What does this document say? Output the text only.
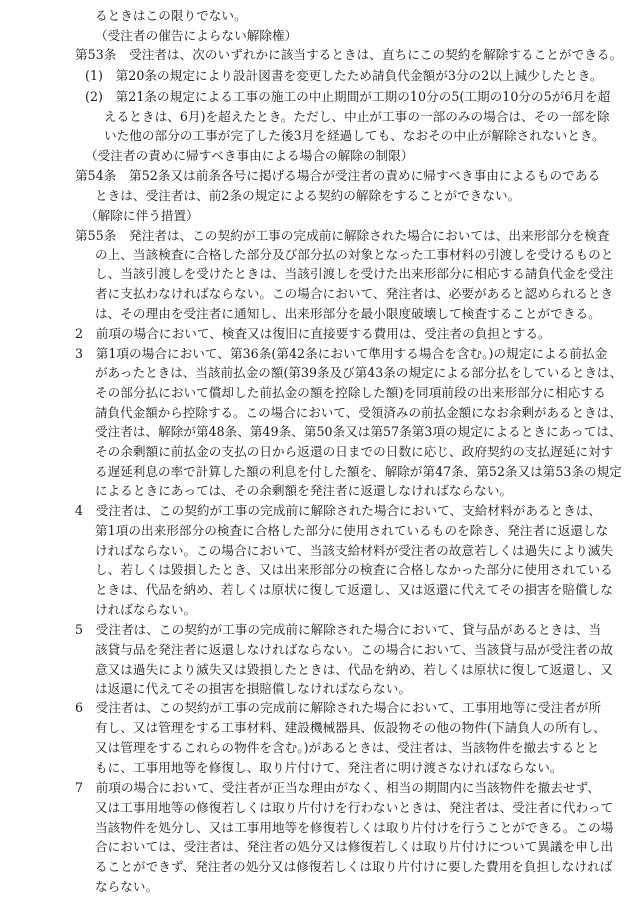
るときはこの限りでない。
（受注者の催告によらない解除権）
第53条　受注者は、次のいずれかに該当するときは、直ちにこの契約を解除することができる。
(1)　第20条の規定により設計図書を変更したため請負代金額が3分の2以上減少したとき。
(2)　第21条の規定による工事の施工の中止期間が工期の10分の5(工期の10分の5が6月を超
えるときは、6月)を超えたとき。ただし、中止が工事の一部のみの場合は、その一部を除
いた他の部分の工事が完了した後3月を経過しても、なおその中止が解除されないとき。
（受注者の責めに帰すべき事由による場合の解除の制限）
第54条　第52条又は前条各号に掲げる場合が受注者の責めに帰すべき事由によるものである
ときは、受注者は、前2条の規定による契約の解除をすることができない。
（解除に伴う措置）
第55条　発注者は、この契約が工事の完成前に解除された場合においては、出来形部分を検査
の上、当該検査に合格した部分及び部分払の対象となった工事材料の引渡しを受けるものと
し、当該引渡しを受けたときは、当該引渡しを受けた出来形部分に相応する請負代金を受注
者に支払わなければならない。この場合において、発注者は、必要があると認められるとき
は、その理由を受注者に通知し、出来形部分を最小限度破壊して検査することができる。
2　前項の場合において、検査又は復旧に直接要する費用は、受注者の負担とする。
3　第1項の場合において、第36条(第42条において準用する場合を含む。)の規定による前払金
があったときは、当該前払金の額(第39条及び第43条の規定による部分払をしているときは、
その部分払において償却した前払金の額を控除した額)を同項前段の出来形部分に相応する
請負代金額から控除する。この場合において、受領済みの前払金額になお余剰があるときは、
受注者は、解除が第48条、第49条、第50条又は第57条第3項の規定によるときにあっては、
その余剰額に前払金の支払の日から返還の日までの日数に応じ、政府契約の支払遅延に対す
る遅延利息の率で計算した額の利息を付した額を、解除が第47条、第52条又は第53条の規定
によるときにあっては、その余剰額を発注者に返還しなければならない。
4　受注者は、この契約が工事の完成前に解除された場合において、支給材料があるときは、
第1項の出来形部分の検査に合格した部分に使用されているものを除き、発注者に返還しな
ければならない。この場合において、当該支給材料が受注者の故意若しくは過失により滅失
し、若しくは毀損したとき、又は出来形部分の検査に合格しなかった部分に使用されている
ときは、代品を納め、若しくは原状に復して返還し、又は返還に代えてその損害を賠償しな
ければならない。
5　受注者は、この契約が工事の完成前に解除された場合において、貸与品があるときは、当
該貸与品を発注者に返還しなければならない。この場合において、当該貸与品が受注者の故
意又は過失により滅失又は毀損したときは、代品を納め、若しくは原状に復して返還し、又
は返還に代えてその損害を損賠償しなければならない。
6　受注者は、この契約が工事の完成前に解除された場合において、工事用地等に受注者が所
有し、又は管理をする工事材料、建設機械器具、仮設物その他の物件(下請負人の所有し、
又は管理をするこれらの物件を含む。)があるときは、受注者は、当該物件を撤去するとと
もに、工事用地等を修復し、取り片付けて、発注者に明け渡さなければならない。
7　前項の場合において、受注者が正当な理由がなく、相当の期間内に当該物件を撤去せず、
又は工事用地等の修復若しくは取り片付けを行わないときは、発注者は、受注者に代わって
当該物件を処分し、又は工事用地等を修復若しくは取り片付けを行うことができる。この場
合においては、受注者は、発注者の処分又は修復若しくは取り片付けについて異議を申し出
ることができず、発注者の処分又は修復若しくは取り片付けに要した費用を負担しなければ
ならない。
